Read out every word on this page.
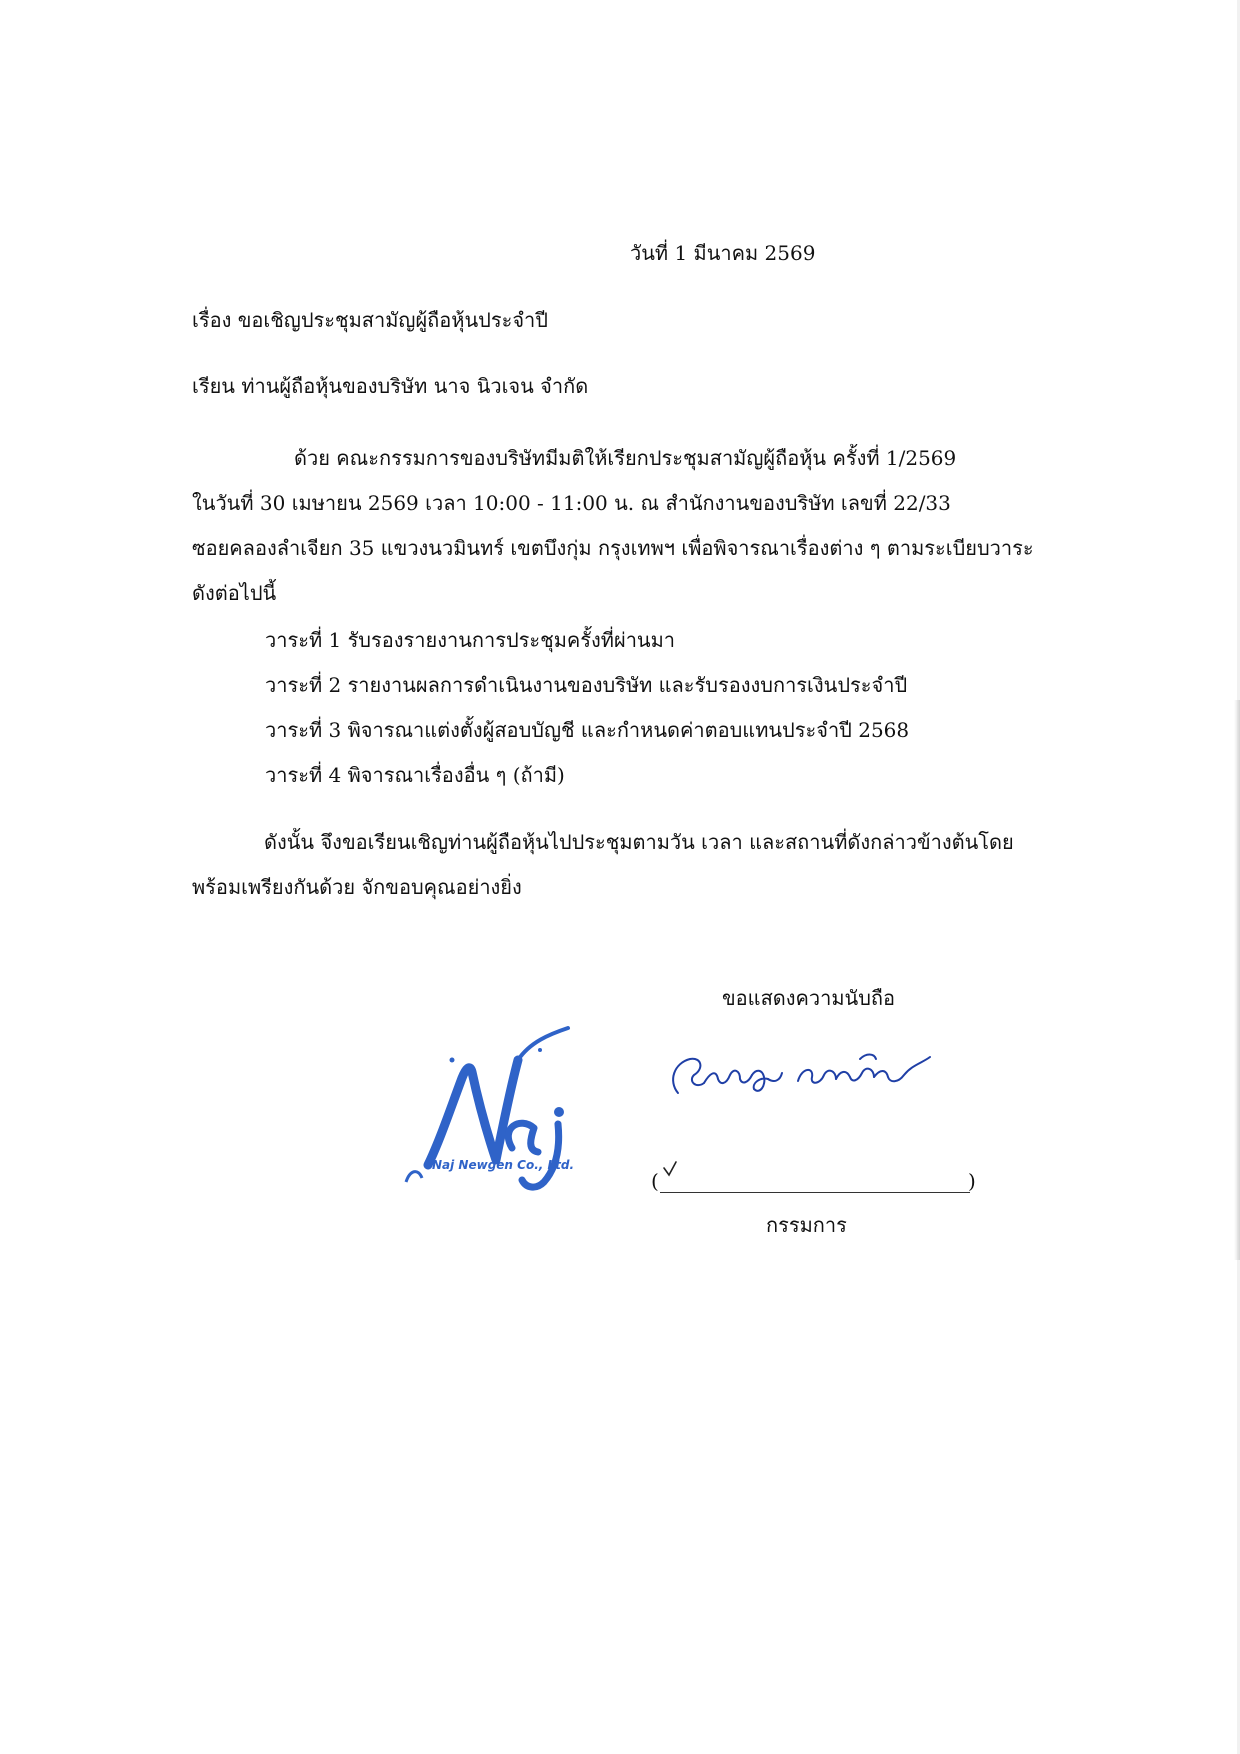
วันที่ 1 มีนาคม 2569
เรื่อง ขอเชิญประชุมสามัญผู้ถือหุ้นประจำปี
เรียน ท่านผู้ถือหุ้นของบริษัท นาจ นิวเจน จำกัด
ด้วย คณะกรรมการของบริษัทมีมติให้เรียกประชุมสามัญผู้ถือหุ้น ครั้งที่ 1/2569
ในวันที่ 30 เมษายน 2569 เวลา 10:00 - 11:00 น. ณ สำนักงานของบริษัท เลขที่ 22/33
ซอยคลองลำเจียก 35 แขวงนวมินทร์ เขตบึงกุ่ม กรุงเทพฯ เพื่อพิจารณาเรื่องต่าง ๆ ตามระเบียบวาระ
ดังต่อไปนี้
วาระที่ 1 รับรองรายงานการประชุมครั้งที่ผ่านมา
วาระที่ 2 รายงานผลการดำเนินงานของบริษัท และรับรองงบการเงินประจำปี
วาระที่ 3 พิจารณาแต่งตั้งผู้สอบบัญชี และกำหนดค่าตอบแทนประจำปี 2568
วาระที่ 4 พิจารณาเรื่องอื่น ๆ (ถ้ามี)
ดังนั้น จึงขอเรียนเชิญท่านผู้ถือหุ้นไปประชุมตามวัน เวลา และสถานที่ดังกล่าวข้างต้นโดย
พร้อมเพรียงกันด้วย จักขอบคุณอย่างยิ่ง
ขอแสดงความนับถือ
Naj Newgen Co., Ltd.
(	)
กรรมการ
